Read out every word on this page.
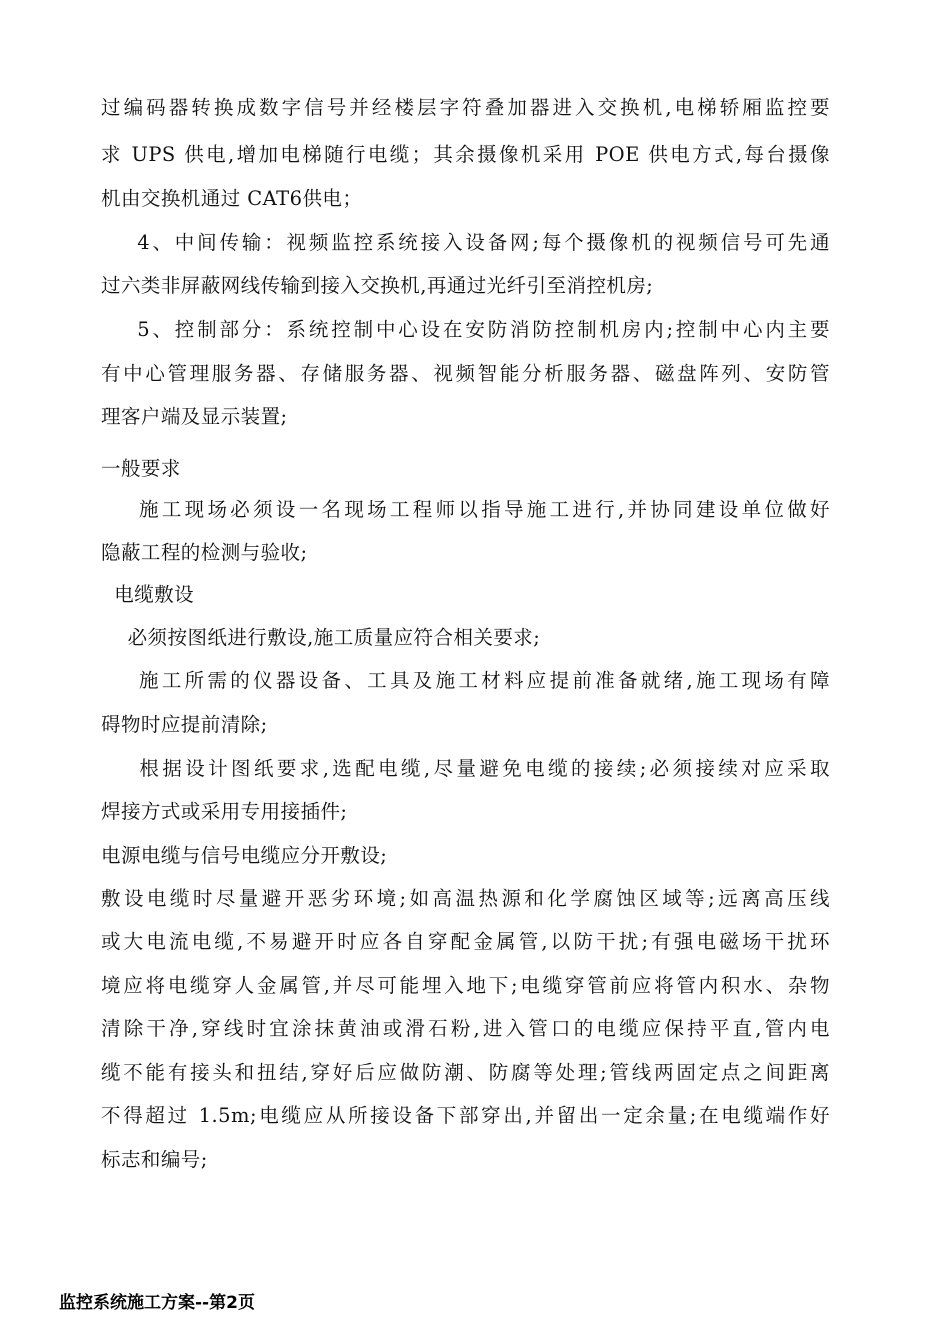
过编码器转换成数字信号并经楼层字符叠加器进入交换机,电梯轿厢监控要

求 UPS 供电,增加电梯随行电缆；其余摄像机采用 POE 供电方式,每台摄像

机由交换机通过 CAT6供电；

4、中间传输：视频监控系统接入设备网;每个摄像机的视频信号可先通

过六类非屏蔽网线传输到接入交换机,再通过光纤引至消控机房;

5、控制部分：系统控制中心设在安防消防控制机房内;控制中心内主要

有中心管理服务器、存储服务器、视频智能分析服务器、磁盘阵列、安防管

理客户端及显示装置;

一般要求

施工现场必须设一名现场工程师以指导施工进行,并协同建设单位做好

隐蔽工程的检测与验收;

电缆敷设

必须按图纸进行敷设,施工质量应符合相关要求;

施工所需的仪器设备、工具及施工材料应提前准备就绪,施工现场有障

碍物时应提前清除;

根据设计图纸要求,选配电缆,尽量避免电缆的接续;必须接续对应采取

焊接方式或采用专用接插件;

电源电缆与信号电缆应分开敷设;

敷设电缆时尽量避开恶劣环境;如高温热源和化学腐蚀区域等;远离高压线

或大电流电缆,不易避开时应各自穿配金属管,以防干扰;有强电磁场干扰环

境应将电缆穿人金属管,并尽可能埋入地下;电缆穿管前应将管内积水、杂物

清除干净,穿线时宜涂抹黄油或滑石粉,进入管口的电缆应保持平直,管内电

缆不能有接头和扭结,穿好后应做防潮、防腐等处理;管线两固定点之间距离

不得超过 1.5m;电缆应从所接设备下部穿出,并留出一定余量;在电缆端作好

标志和编号;

监控系统施工方案--第2页
